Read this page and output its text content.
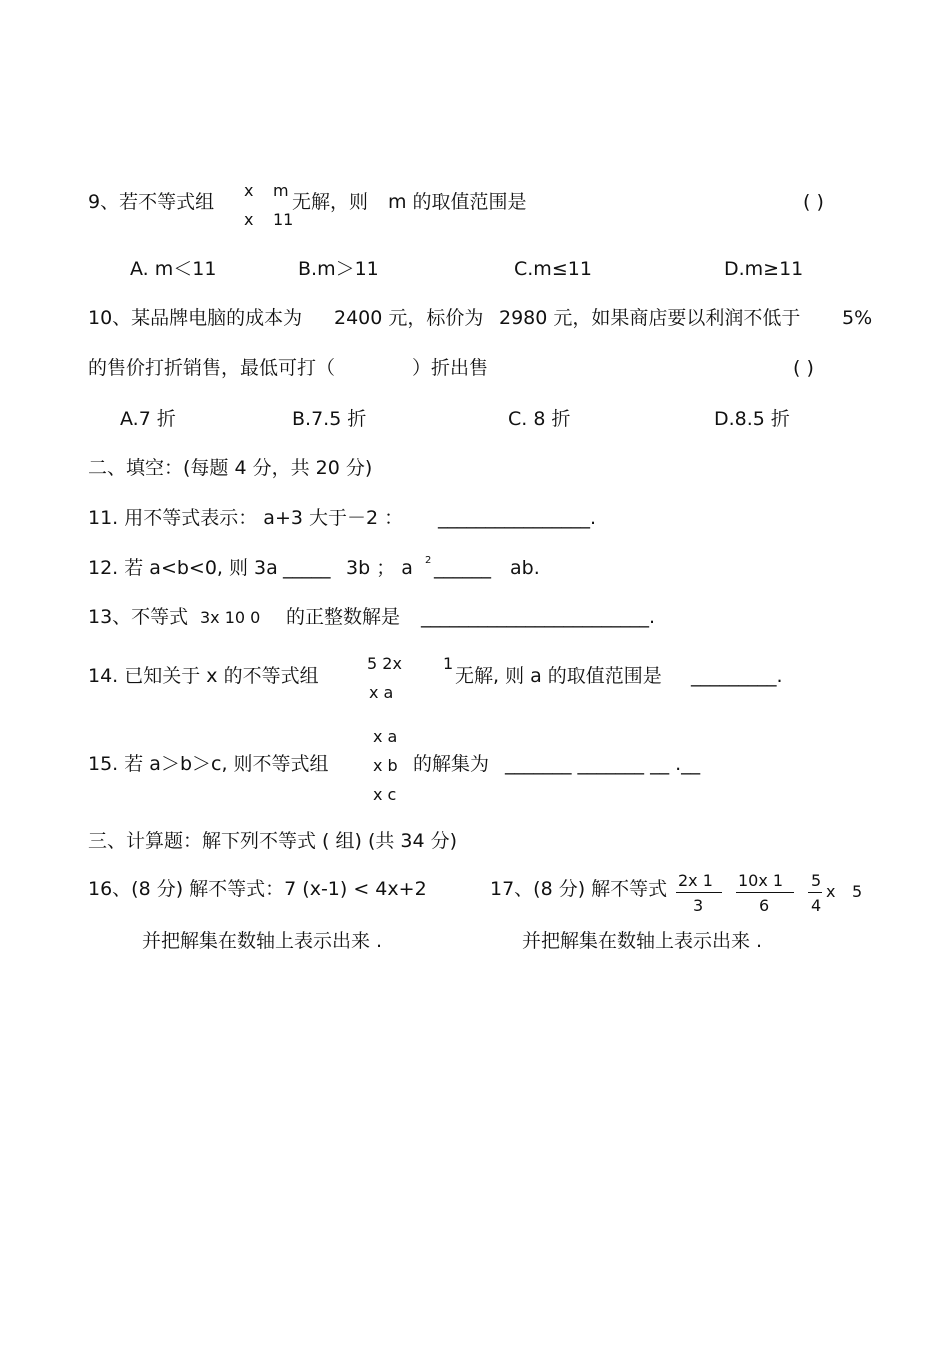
9、若不等式组
x m
x 11
无解，则 m 的取值范围是	( )
A. m＜11	B.m＞11	C.m≤11	D.m≥11
10、某品牌电脑的成本为 2400 元，标价为 2980 元，如果商店要以利润不低于 5%
的售价打折销售，最低可打（	）折出售	( )
A.7 折	B.7.5 折	C. 8 折	D.8.5 折
二、填空：(每题 4 分，共 20 分)
11. 用不等式表示： a+3 大于－2 ： ________________.
12. 若 a<b<0, 则 3a _____ 3b ； a 2 ______ ab.
13、不等式 3x 10 0 的正整数解是 ________________________.
14. 已知关于 x 的不等式组
5 2x	1
x a
无解, 则 a 的取值范围是 _________.
15. 若 a＞b＞c, 则不等式组
x a
x b
x c
的解集为 _______ _______ __ .__
三、计算题：解下列不等式 ( 组) (共 34 分)
16、(8 分) 解不等式：7 (x-1) < 4x+2
并把解集在数轴上表示出来 .
17、(8 分) 解不等式 2x 1
3
10x 1
6
5
4
x 5
并把解集在数轴上表示出来 .
